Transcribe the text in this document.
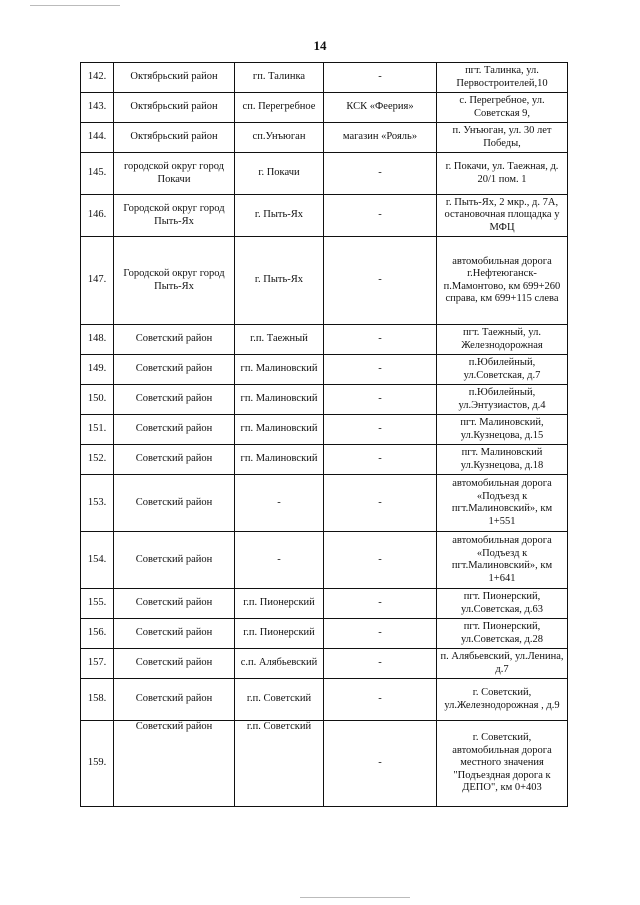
14
142.	Октябрьский район	гп. Талинка	-	пгт. Талинка, ул. Первостроителей,10
143.	Октябрьский район	сп. Перегребное	КСК «Феерия»	с. Перегребное, ул. Советская 9,
144.	Октябрьский район	сп.Унъюган	магазин «Рояль»	п. Унъюган, ул. 30 лет Победы,
145.	городской округ город Покачи	г. Покачи	-	г. Покачи, ул. Таежная, д. 20/1 пом. 1
146.	Городской округ город Пыть-Ях	г. Пыть-Ях	-	г. Пыть-Ях, 2 мкр., д. 7А, остановочная площадка у МФЦ
147.	Городской округ город Пыть-Ях	г. Пыть-Ях	-	автомобильная дорога г.Нефтеюганск-п.Мамонтово, км 699+260 справа, км 699+115 слева
148.	Советский район	г.п. Таежный	-	пгт. Таежный, ул. Железнодорожная
149.	Советский район	гп. Малиновский	-	п.Юбилейный, ул.Советская, д.7
150.	Советский район	гп. Малиновский	-	п.Юбилейный, ул.Энтузиастов, д.4
151.	Советский район	гп. Малиновский	-	пгт. Малиновский, ул.Кузнецова, д.15
152.	Советский район	гп. Малиновский	-	пгт. Малиновский ул.Кузнецова, д.18
153.	Советский район	-	-	автомобильная дорога «Подъезд к пгт.Малиновский», км 1+551
154.	Советский район	-	-	автомобильная дорога «Подъезд к пгт.Малиновский», км 1+641
155.	Советский район	г.п. Пионерский	-	пгт. Пионерский, ул.Советская, д.63
156.	Советский район	г.п. Пионерский	-	пгт. Пионерский, ул.Советская, д.28
157.	Советский район	с.п. Алябьевский	-	п. Алябьевский, ул.Ленина, д.7
158.	Советский район	г.п. Советский	-	г. Советский, ул.Железнодорожная , д.9
159.	Советский район	г.п. Советский	-	г. Советский, автомобильная дорога местного значения "Подъездная дорога к ДЕПО", км 0+403
